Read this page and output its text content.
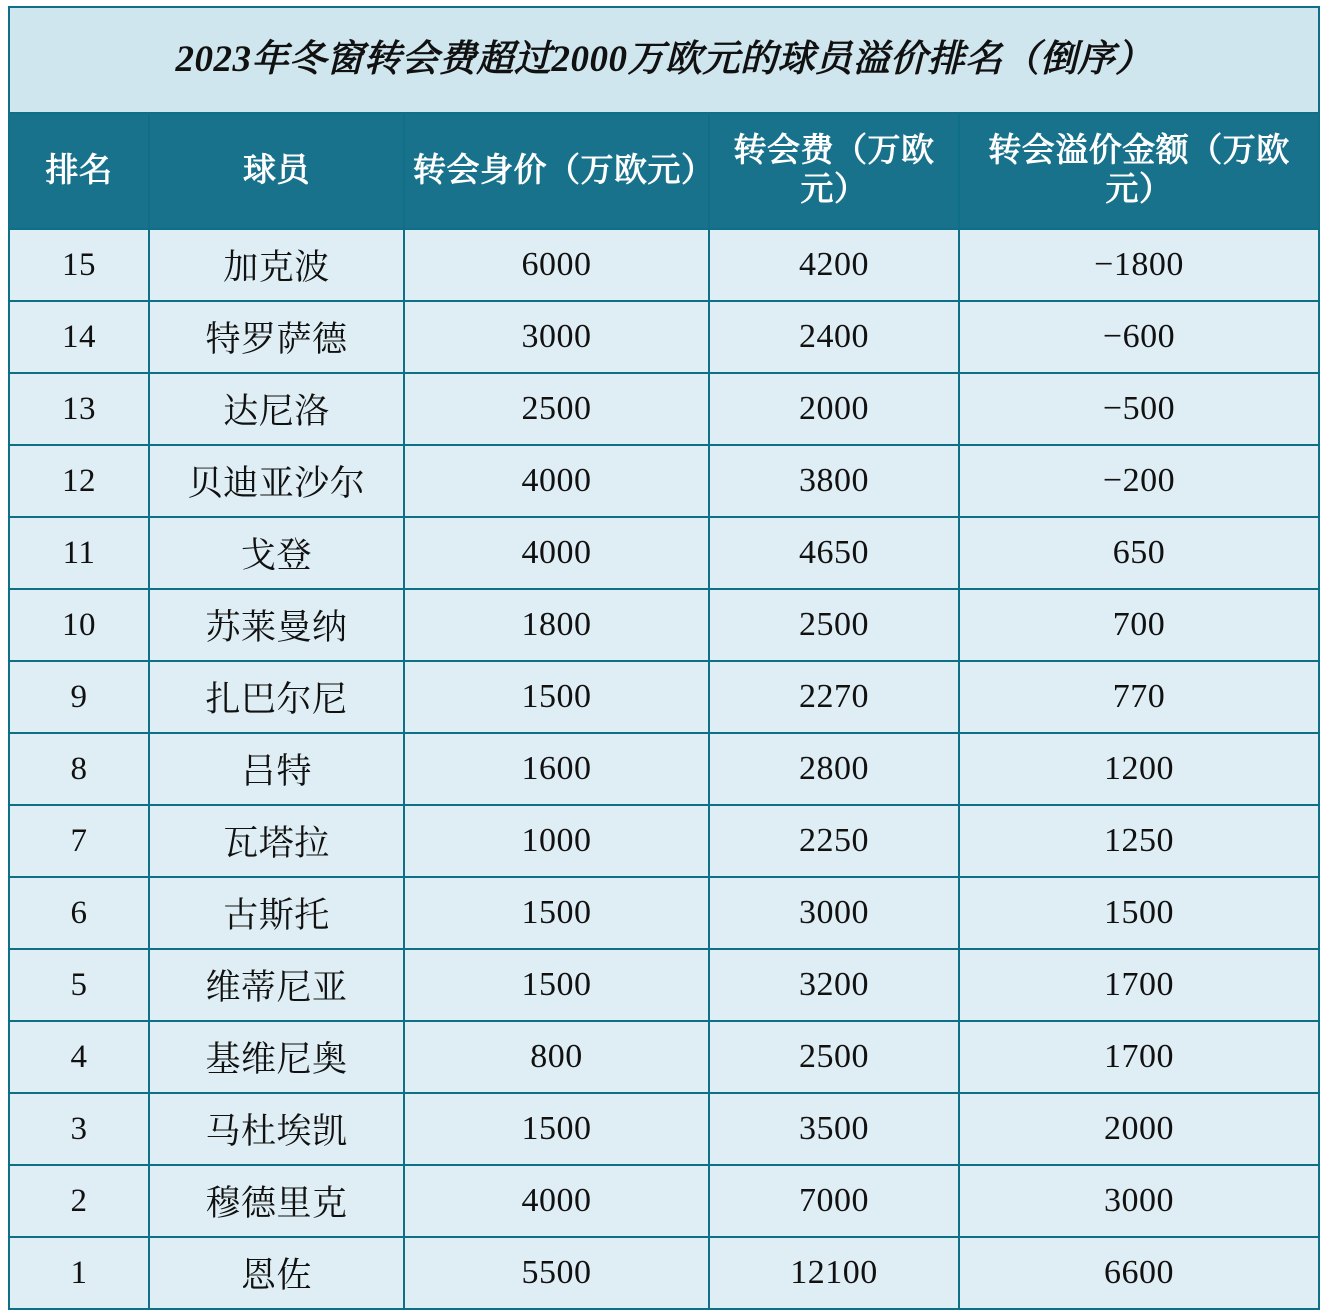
2023年冬窗转会费超过2000万欧元的球员溢价排名（倒序）				
排名	球员	转会身价（万欧元）	转会费（万欧元）	转会溢价金额（万欧元）
15	加克波	6000	4200	−1800
14	特罗萨德	3000	2400	−600
13	达尼洛	2500	2000	−500
12	贝迪亚沙尔	4000	3800	−200
11	戈登	4000	4650	650
10	苏莱曼纳	1800	2500	700
9	扎巴尔尼	1500	2270	770
8	吕特	1600	2800	1200
7	瓦塔拉	1000	2250	1250
6	古斯托	1500	3000	1500
5	维蒂尼亚	1500	3200	1700
4	基维尼奥	800	2500	1700
3	马杜埃凯	1500	3500	2000
2	穆德里克	4000	7000	3000
1	恩佐	5500	12100	6600
